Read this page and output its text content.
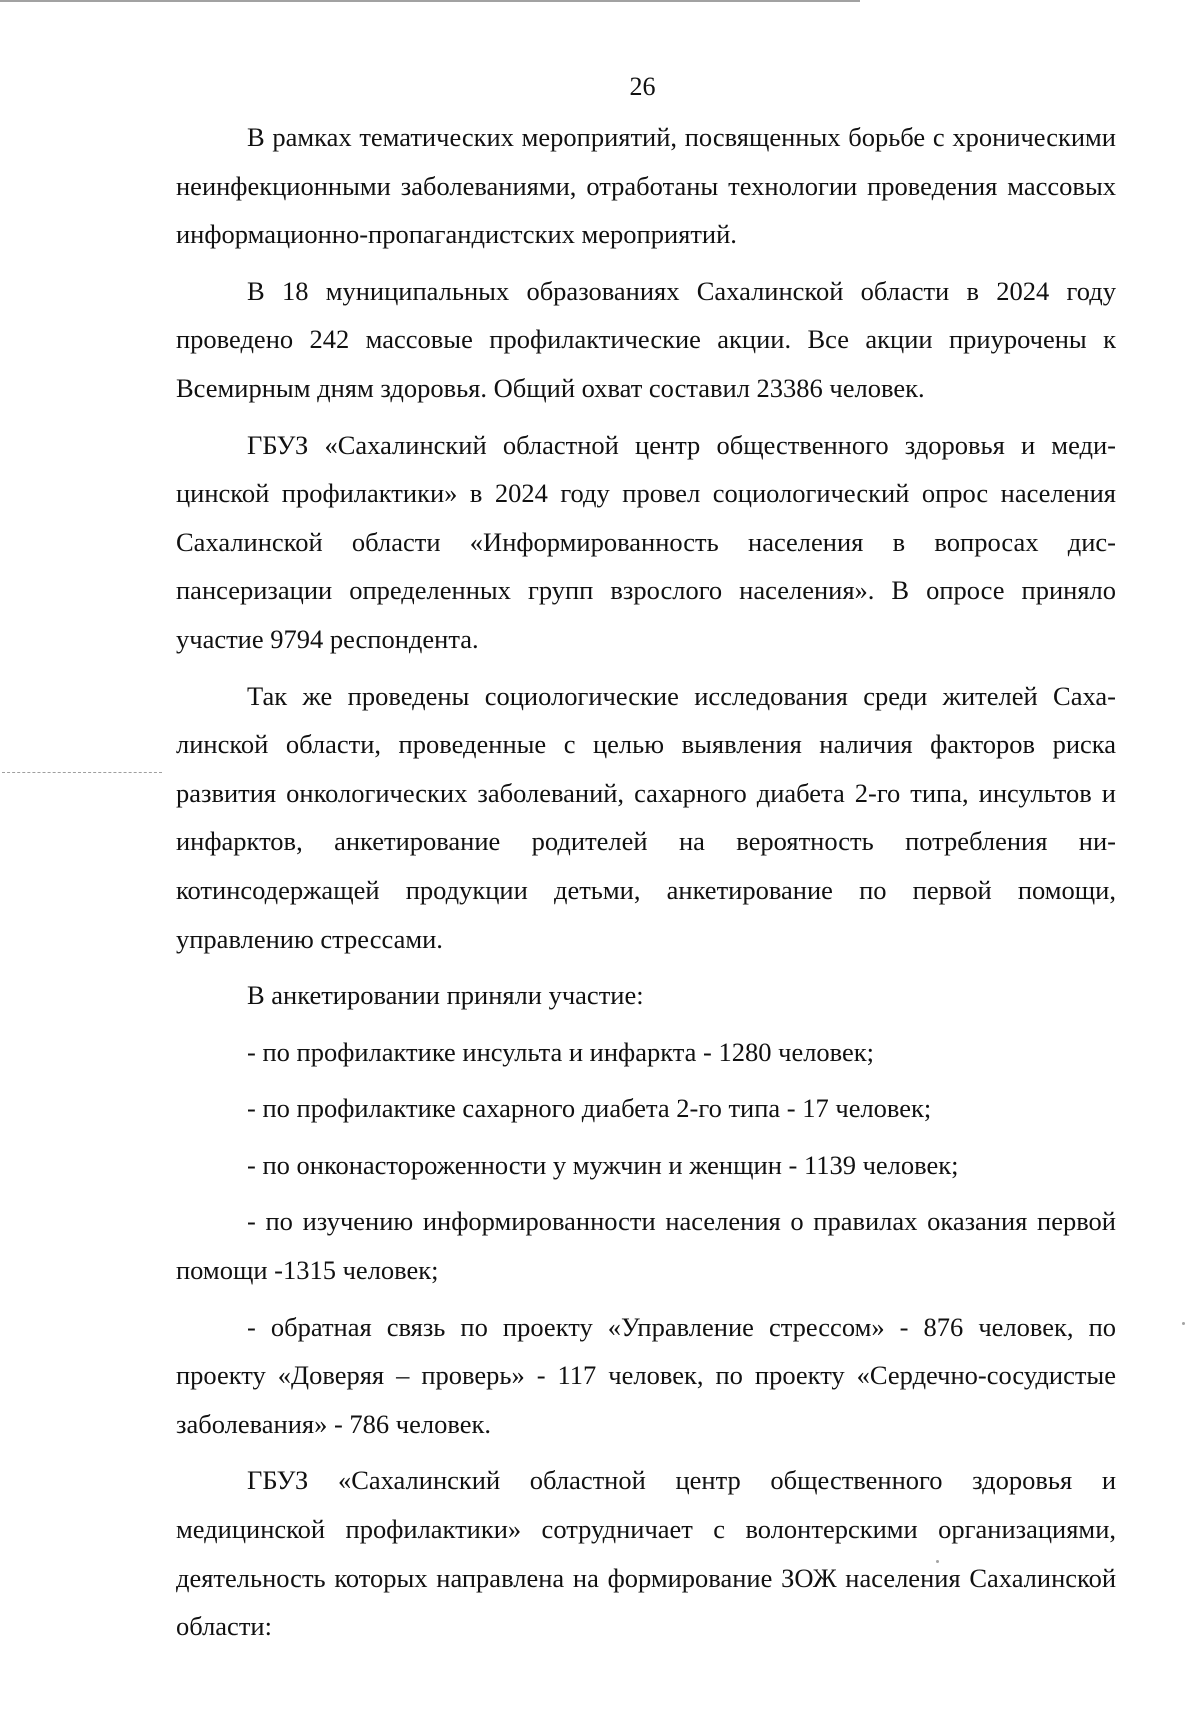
26

В рамках тематических мероприятий, посвященных борьбе с хроническими неинфекционными заболеваниями, отработаны технологии проведения массовых информационно-пропагандистских мероприятий.

В 18 муниципальных образованиях Сахалинской области в 2024 году проведено 242 массовые профилактические акции. Все акции приурочены к Всемирным дням здоровья. Общий охват составил 23386 человек.

ГБУЗ «Сахалинский областной центр общественного здоровья и медицинской профилактики» в 2024 году провел социологический опрос населения Сахалинской области «Информированность населения в вопросах диспансеризации определенных групп взрослого населения». В опросе приняло участие 9794 респондента.

Так же проведены социологические исследования среди жителей Сахалинской области, проведенные с целью выявления наличия факторов риска развития онкологических заболеваний, сахарного диабета 2-го типа, инсультов и инфарктов, анкетирование родителей на вероятность потребления никотинсодержащей продукции детьми, анкетирование по первой помощи, управлению стрессами.

В анкетировании приняли участие:

- по профилактике инсульта и инфаркта - 1280 человек;

- по профилактике сахарного диабета 2-го типа - 17 человек;

- по онконастороженности у мужчин и женщин - 1139 человек;

- по изучению информированности населения о правилах оказания первой помощи -1315 человек;

- обратная связь по проекту «Управление стрессом» - 876 человек, по проекту «Доверяя – проверь» - 117 человек, по проекту «Сердечно-сосудистые заболевания» - 786 человек.

ГБУЗ «Сахалинский областной центр общественного здоровья и медицинской профилактики» сотрудничает с волонтерскими организациями, деятельность которых направлена на формирование ЗОЖ населения Сахалинской области:
